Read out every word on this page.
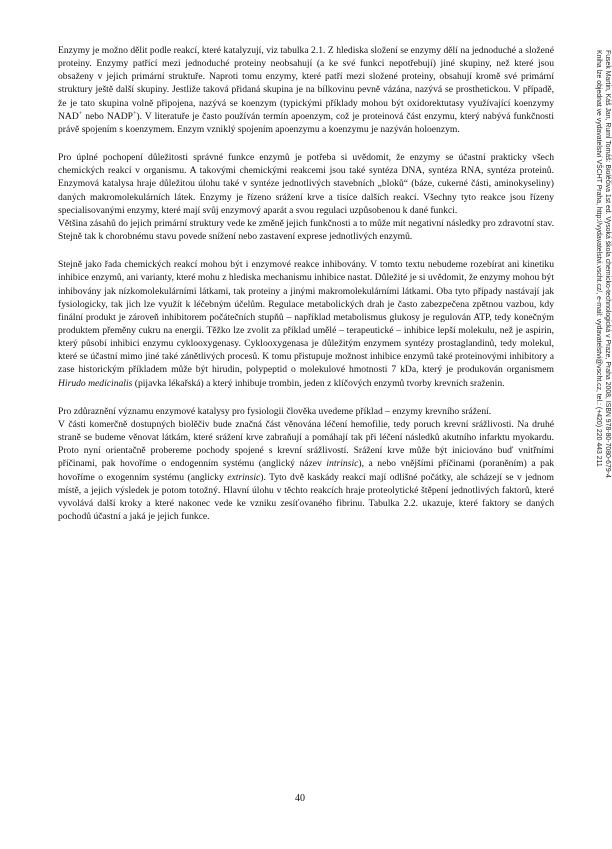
Enzymy je možno dělit podle reakcí, které katalyzují, viz tabulka 2.1. Z hlediska složení se enzymy dělí na jednoduché a složené proteiny. Enzymy patřící mezi jednoduché proteiny neobsahují (a ke své funkci nepotřebují) jiné skupiny, než které jsou obsaženy v jejich primární struktuře. Naproti tomu enzymy, které patří mezi složené proteiny, obsahují kromě své primární struktury ještě další skupiny. Jestliže taková přidaná skupina je na bílkovinu pevně vázána, nazývá se prosthetickou. V případě, že je tato skupina volně připojena, nazývá se koenzym (typickými příklady mohou být oxidorektutasy využívající koenzymy NAD+ nebo NADP+). V literatuře je často používán termín apoenzym, což je proteinová část enzymu, který nabývá funkčnosti právě spojením s koenzymem. Enzym vzniklý spojením apoenzymu a koenzymu je nazýván holoenzym.

Pro úplné pochopení důležitosti správné funkce enzymů je potřeba si uvědomit, že enzymy se účastní prakticky všech chemických reakcí v organismu. A takovými chemickými reakcemi jsou také syntéza DNA, syntéza RNA, syntéza proteinů. Enzymová katalysa hraje důležitou úlohu také v syntéze jednotlivých stavebních „bloků“ (báze, cukerné části, aminokyseliny) daných makromolekulárních látek. Enzymy je řízeno srážení krve a tisíce dalších reakcí. Všechny tyto reakce jsou řízeny specialisovanými enzymy, které mají svůj enzymový aparát a svou regulaci uzpůsobenou k dané funkci.

Většina zásahů do jejich primární struktury vede ke změně jejich funkčnosti a to může mít negativní následky pro zdravotní stav. Stejně tak k chorobnému stavu povede snížení nebo zastavení exprese jednotlivých enzymů.

Stejně jako řada chemických reakcí mohou být i enzymové reakce inhibovány. V tomto textu nebudeme rozebírat ani kinetiku inhibice enzymů, ani varianty, které mohu z hlediska mechanismu inhibice nastat. Důležité je si uvědomit, že enzymy mohou být inhibovány jak nízkomolekulárními látkami, tak proteiny a jinými makromolekulárními látkami. Oba tyto případy nastávají jak fysiologicky, tak jich lze využít k léčebným účelům. Regulace metabolických drah je často zabezpečena zpětnou vazbou, kdy finální produkt je zároveň inhibitorem počátečních stupňů – například metabolismus glukosy je regulován ATP, tedy konečným produktem přeměny cukru na energii. Těžko lze zvolit za příklad umělé – terapeutické – inhibice lepší molekulu, než je aspirin, který působí inhibici enzymu cyklooxygenasy. Cyklooxygenasa je důležitým enzymem syntézy prostaglandinů, tedy molekul, které se účastní mimo jiné také zánětlivých procesů. K tomu přistupuje možnost inhibice enzymů také proteinovými inhibitory a zase historickým příkladem může být hirudin, polypeptid o molekulové hmotnosti 7 kDa, který je produkován organismem Hirudo medicinalis (pijavka lékařská) a který inhibuje trombin, jeden z klíčových enzymů tvorby krevních sraženin.

Pro zdůraznění významu enzymové katalysy pro fysiologii člověka uvedeme příklad – enzymy krevního srážení.

V části komerčně dostupných biolěčiv bude značná část věnována léčení hemofilie, tedy poruch krevní srážlivosti. Na druhé straně se budeme věnovat látkám, které srážení krve zabraňují a pomáhají tak při léčení následků akutního infarktu myokardu. Proto nyní orientačně probereme pochody spojené s krevní srážlivostí. Srážení krve může být iniciováno buď vnitřními příčinami, pak hovoříme o endogenním systému (anglický název intrinsic), a nebo vnějšími příčinami (poraněním) a pak hovoříme o exogenním systému (anglicky extrinsic). Tyto dvě kaskády reakcí mají odlišné počátky, ale scházejí se v jednom místě, a jejich výsledek je potom totožný. Hlavní úlohu v těchto reakcích hraje proteolytické štěpení jednotlivých faktorů, které vyvolává další kroky a které nakonec vede ke vzniku zesíťovaného fibrinu. Tabulka 2.2. ukazuje, které faktory se daných pochodů účastní a jaká je jejich funkce.

Fusek Martin, Káš Jan, Ruml Tomáš: Biolěčiva 1st ed. Vysoká škola chemicko-technologická v Praze, Praha 2008, ISBN 978-80-7080-679-4
Kniha lze objednat ve vydavatelství VŠCHT Praha, http://vydavatelstvi.vscht.cz/, e-mail: vydavatelstvi@vscht.cz, tel.: (+420) 220 443 211
40
